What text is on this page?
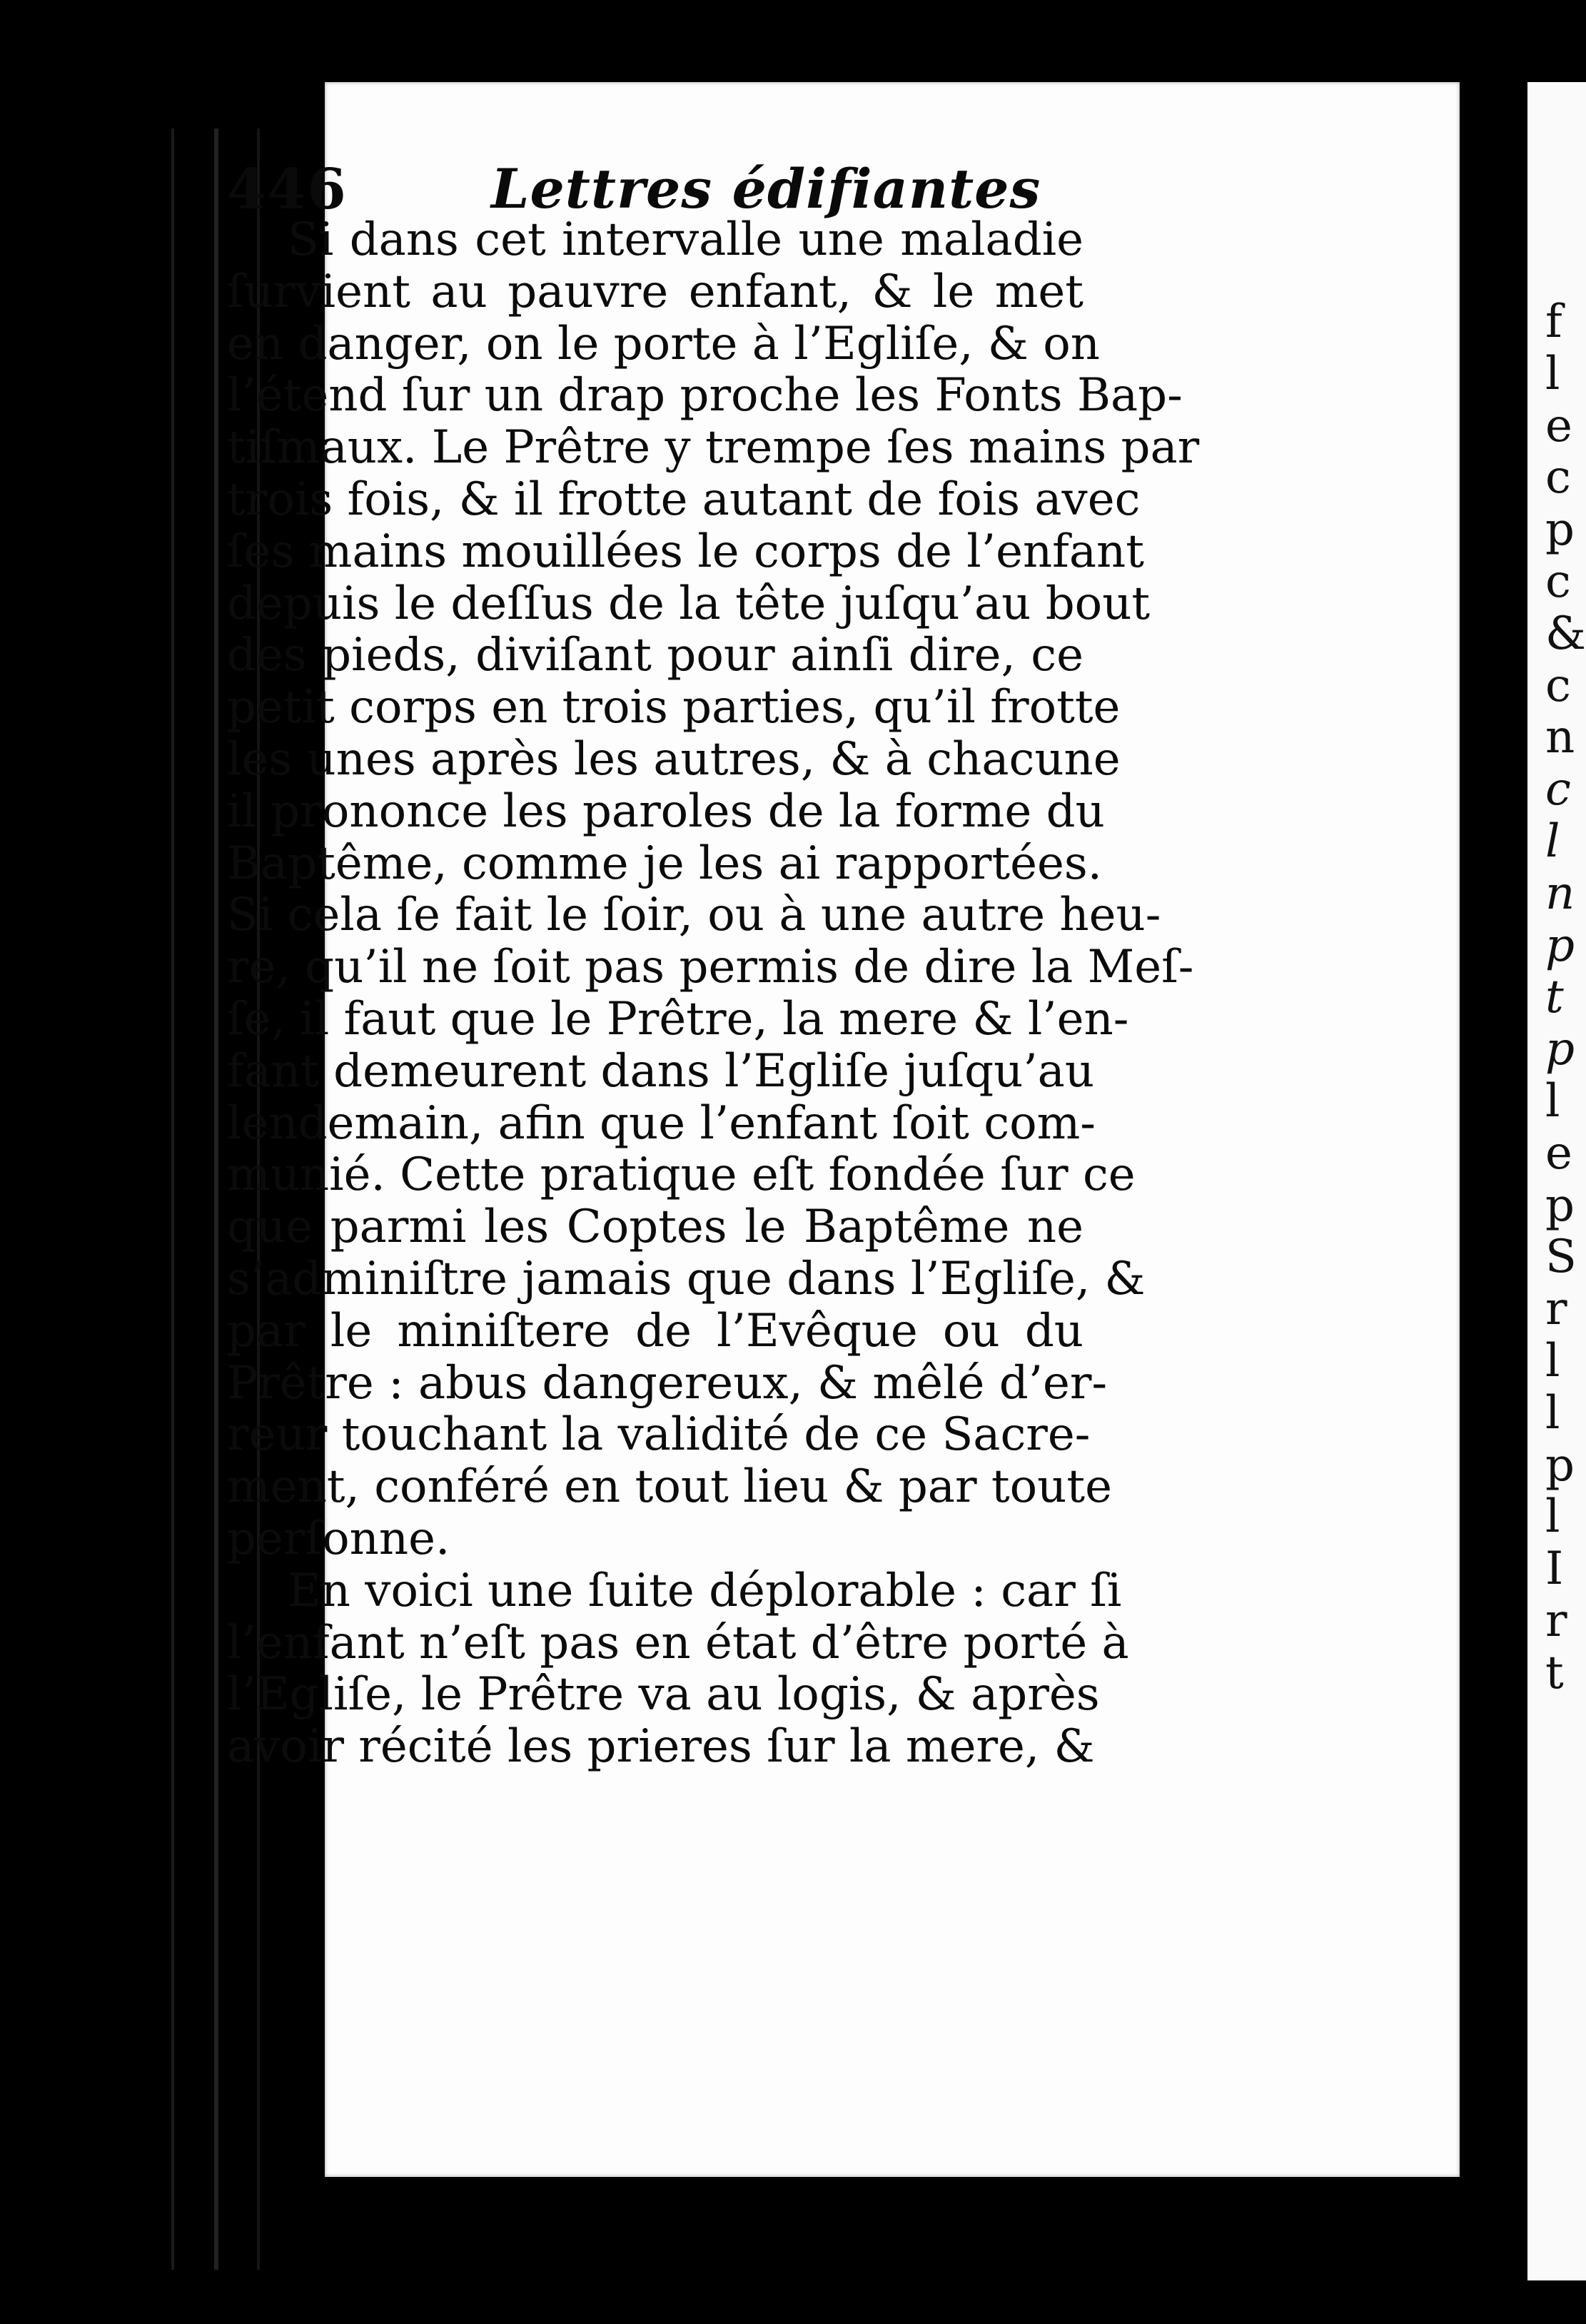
446	Lettres édifiantes
Si dans cet intervalle une maladie
ſurvient au pauvre enfant, & le met
en danger, on le porte à l’Egliſe, & on
l’étend ſur un drap proche les Fonts Bap-
tiſmaux. Le Prêtre y trempe ſes mains par
trois fois, & il frotte autant de fois avec
ſes mains mouillées le corps de l’enfant
depuis le deſſus de la tête juſqu’au bout
des pieds, diviſant pour ainſi dire, ce
petit corps en trois parties, qu’il frotte
les unes après les autres, & à chacune
il prononce les paroles de la forme du
Baptême, comme je les ai rapportées.
Si cela ſe fait le ſoir, ou à une autre heu-
re, qu’il ne ſoit pas permis de dire la Meſ-
ſe, il faut que le Prêtre, la mere & l’en-
fant demeurent dans l’Egliſe juſqu’au
lendemain, afin que l’enfant ſoit com-
munié. Cette pratique eſt fondée ſur ce
que parmi les Coptes le Baptême ne
s’adminiſtre jamais que dans l’Egliſe, &
par le miniſtere de l’Evêque ou du
Prêtre : abus dangereux, & mêlé d’er-
reur touchant la validité de ce Sacre-
ment, conféré en tout lieu & par toute
perſonne.
En voici une ſuite déplorable : car ſi
l’enfant n’eſt pas en état d’être porté à
l’Egliſe, le Prêtre va au logis, & après
avoir récité les prieres ſur la mere, &
f
l
e
c
p
c
&
c
n
c
l
n
p
t
p
l
e
p
S
r
l
l
p
l
I
r
t
